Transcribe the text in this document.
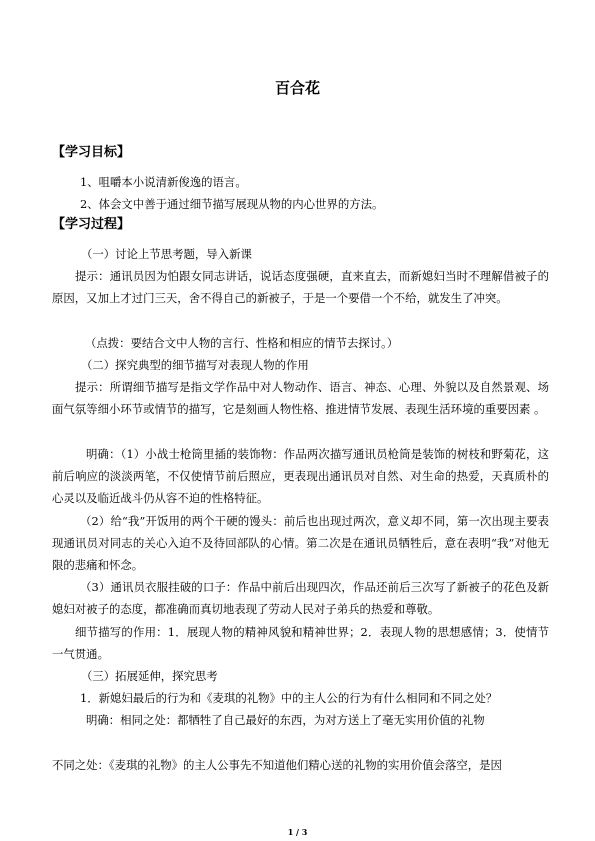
百合花
【学习目标】
1、咀嚼本小说清新俊逸的语言。
2、体会文中善于通过细节描写展现从物的内心世界的方法。
【学习过程】
（一）讨论上节思考题，导入新课
提示：通讯员因为怕跟女同志讲话，说话态度强硬，直来直去，而新媳妇当时不理解借被子的原因，又加上才过门三天，舍不得自己的新被子，于是一个要借一个不给，就发生了冲突。
（点拨：要结合文中人物的言行、性格和相应的情节去探讨。）
（二）探究典型的细节描写对表现人物的作用
提示：所谓细节描写是指文学作品中对人物动作、语言、神态、心理、外貌以及自然景观、场面气氛等细小环节或情节的描写，它是刻画人物性格、推进情节发展、表现生活环境的重要因素 。
明确：（1）小战士枪筒里插的装饰物：作品两次描写通讯员枪筒是装饰的树枝和野菊花，这前后响应的淡淡两笔，不仅使情节前后照应，更表现出通讯员对自然、对生命的热爱，天真质朴的心灵以及临近战斗仍从容不迫的性格特征。
（2）给“我”开饭用的两个干硬的馒头：前后也出现过两次，意义却不同，第一次出现主要表现通讯员对同志的关心入迫不及待回部队的心情。第二次是在通讯员牺牲后，意在表明“我”对他无限的悲痛和怀念。
（3）通讯员衣服挂破的口子：作品中前后出现四次，作品还前后三次写了新被子的花色及新媳妇对被子的态度，都准确而真切地表现了劳动人民对子弟兵的热爱和尊敬。
细节描写的作用：1．展现人物的精神风貌和精神世界；2．表现人物的思想感情；3．使情节一气贯通。
（三）拓展延伸，探究思考
1．新媳妇最后的行为和《麦琪的礼物》中的主人公的行为有什么相同和不同之处？
明确：相同之处：都牺牲了自己最好的东西，为对方送上了毫无实用价值的礼物
不同之处：《麦琪的礼物》的主人公事先不知道他们精心送的礼物的实用价值会落空，是因
1 / 3
